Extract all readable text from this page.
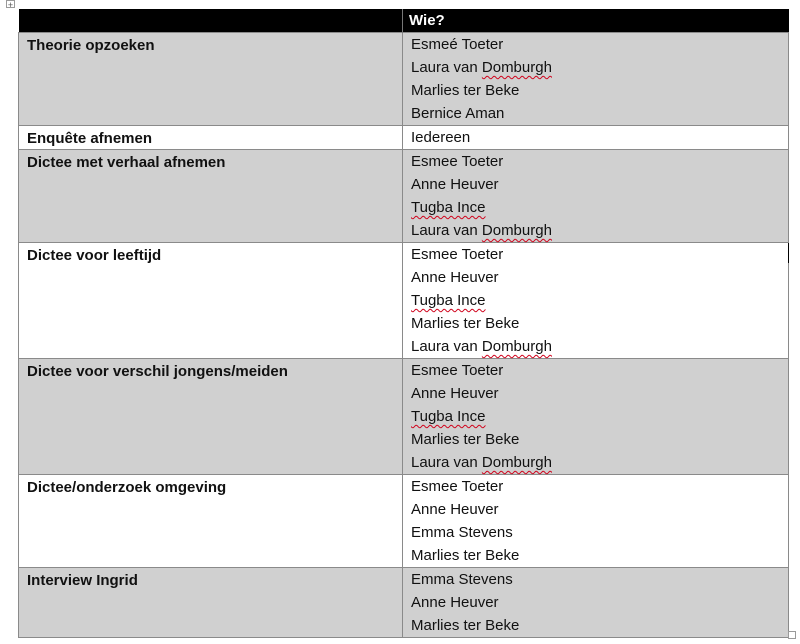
+
	Wie?

Theorie opzoeken	Esmeé Toeter
Laura van Domburgh
Marlies ter Beke
Bernice Aman

Enquête afnemen	Iedereen

Dictee met verhaal afnemen	Esmee Toeter
Anne Heuver
Tugba Ince
Laura van Domburgh

Dictee voor leeftijd	Esmee Toeter
Anne Heuver
Tugba Ince
Marlies ter Beke
Laura van Domburgh

Dictee voor verschil jongens/meiden	Esmee Toeter
Anne Heuver
Tugba Ince
Marlies ter Beke
Laura van Domburgh

Dictee/onderzoek omgeving	Esmee Toeter
Anne Heuver
Emma Stevens
Marlies ter Beke

Interview Ingrid	Emma Stevens
Anne Heuver
Marlies ter Beke
